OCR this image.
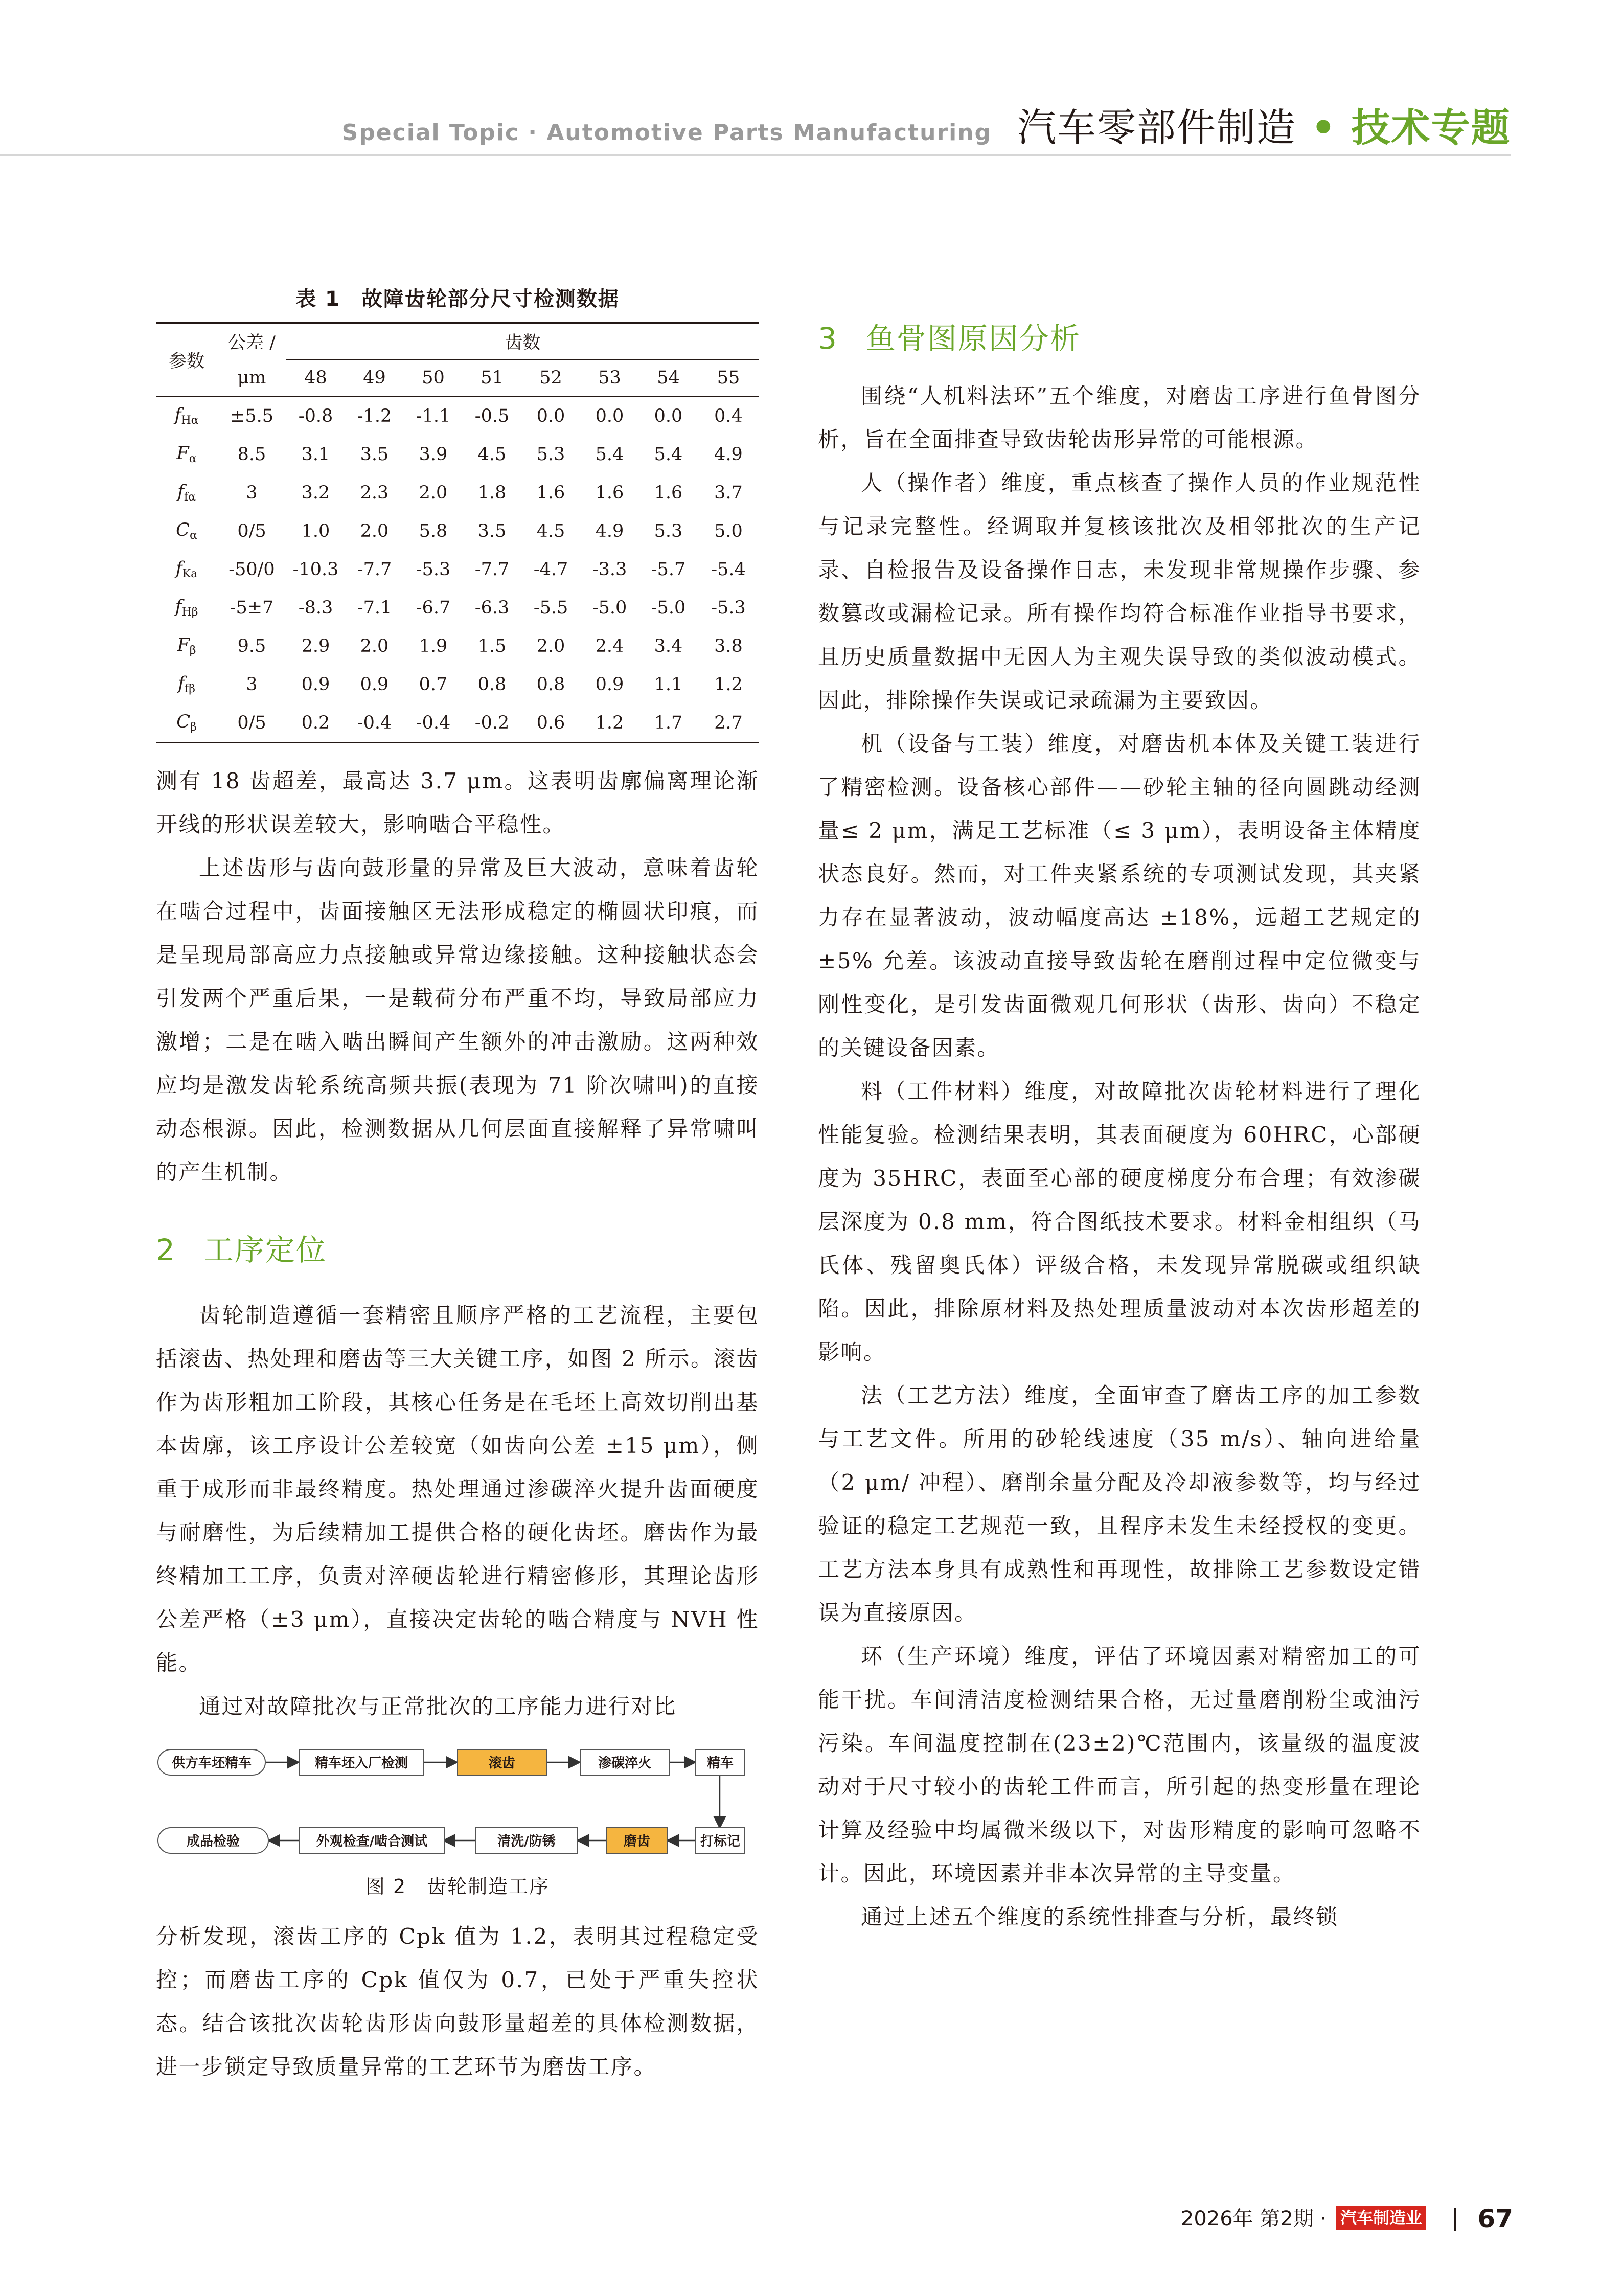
Special Topic · Automotive Parts Manufacturing 汽车零部件制造 • 技术专题
表 1　故障齿轮部分尺寸检测数据
参数	公差 /	齿数							
	μm	48	49	50	51	52	53	54	55
$f_{H\alpha}$	±5.5	-0.8	-1.2	-1.1	-0.5	0.0	0.0	0.0	0.4
$F_\alpha$	8.5	3.1	3.5	3.9	4.5	5.3	5.4	5.4	4.9
$f_{f\alpha}$	3	3.2	2.3	2.0	1.8	1.6	1.6	1.6	3.7
$C_\alpha$	0/5	1.0	2.0	5.8	3.5	4.5	4.9	5.3	5.0
$f_{Ka}$	-50/0	-10.3	-7.7	-5.3	-7.7	-4.7	-3.3	-5.7	-5.4
$f_{H\beta}$	-5±7	-8.3	-7.1	-6.7	-6.3	-5.5	-5.0	-5.0	-5.3
$F_\beta$	9.5	2.9	2.0	1.9	1.5	2.0	2.4	3.4	3.8
$f_{f\beta}$	3	0.9	0.9	0.7	0.8	0.8	0.9	1.1	1.2
$C_\beta$	0/5	0.2	-0.4	-0.4	-0.2	0.6	1.2	1.7	2.7

测有 18 齿超差，最高达 3.7 μm。这表明齿廓偏离理论渐开线的形状误差较大，影响啮合平稳性。

上述齿形与齿向鼓形量的异常及巨大波动，意味着齿轮在啮合过程中，齿面接触区无法形成稳定的椭圆状印痕，而是呈现局部高应力点接触或异常边缘接触。这种接触状态会引发两个严重后果，一是载荷分布严重不均，导致局部应力激增；二是在啮入啮出瞬间产生额外的冲击激励。这两种效应均是激发齿轮系统高频共振(表现为 71 阶次啸叫)的直接动态根源。因此，检测数据从几何层面直接解释了异常啸叫的产生机制。

2 工序定位

齿轮制造遵循一套精密且顺序严格的工艺流程，主要包括滚齿、热处理和磨齿等三大关键工序，如图 2 所示。滚齿作为齿形粗加工阶段，其核心任务是在毛坯上高效切削出基本齿廓，该工序设计公差较宽（如齿向公差 ±15 μm），侧重于成形而非最终精度。热处理通过渗碳淬火提升齿面硬度与耐磨性，为后续精加工提供合格的硬化齿坯。磨齿作为最终精加工工序，负责对淬硬齿轮进行精密修形，其理论齿形公差严格（±3 μm），直接决定齿轮的啮合精度与 NVH 性能。

通过对故障批次与正常批次的工序能力进行对比

供方车坯精车	精车坯入厂检测	滚齿	渗碳淬火	精车
打标记
磨齿
清洗/防锈
外观检查/啮合测试
成品检验
图 2　齿轮制造工序

分析发现，滚齿工序的 Cpk 值为 1.2，表明其过程稳定受控；而磨齿工序的 Cpk 值仅为 0.7，已处于严重失控状态。结合该批次齿轮齿形齿向鼓形量超差的具体检测数据，进一步锁定导致质量异常的工艺环节为磨齿工序。

3 鱼骨图原因分析

围绕“人机料法环”五个维度，对磨齿工序进行鱼骨图分析，旨在全面排查导致齿轮齿形异常的可能根源。

人（操作者）维度，重点核查了操作人员的作业规范性与记录完整性。经调取并复核该批次及相邻批次的生产记录、自检报告及设备操作日志，未发现非常规操作步骤、参数篡改或漏检记录。所有操作均符合标准作业指导书要求，且历史质量数据中无因人为主观失误导致的类似波动模式。因此，排除操作失误或记录疏漏为主要致因。

机（设备与工装）维度，对磨齿机本体及关键工装进行了精密检测。设备核心部件——砂轮主轴的径向圆跳动经测量≤ 2 μm，满足工艺标准（≤ 3 μm），表明设备主体精度状态良好。然而，对工件夹紧系统的专项测试发现，其夹紧力存在显著波动，波动幅度高达 ±18%，远超工艺规定的 ±5% 允差。该波动直接导致齿轮在磨削过程中定位微变与刚性变化，是引发齿面微观几何形状（齿形、齿向）不稳定的关键设备因素。

料（工件材料）维度，对故障批次齿轮材料进行了理化性能复验。检测结果表明，其表面硬度为 60HRC，心部硬度为 35HRC，表面至心部的硬度梯度分布合理；有效渗碳层深度为 0.8 mm，符合图纸技术要求。材料金相组织（马氏体、残留奥氏体）评级合格，未发现异常脱碳或组织缺陷。因此，排除原材料及热处理质量波动对本次齿形超差的影响。

法（工艺方法）维度，全面审查了磨齿工序的加工参数与工艺文件。所用的砂轮线速度（35 m/s）、轴向进给量（2 μm/ 冲程）、磨削余量分配及冷却液参数等，均与经过验证的稳定工艺规范一致，且程序未发生未经授权的变更。工艺方法本身具有成熟性和再现性，故排除工艺参数设定错误为直接原因。

环（生产环境）维度，评估了环境因素对精密加工的可能干扰。车间清洁度检测结果合格，无过量磨削粉尘或油污污染。车间温度控制在(23±2)℃范围内，该量级的温度波动对于尺寸较小的齿轮工件而言，所引起的热变形量在理论计算及经验中均属微米级以下，对齿形精度的影响可忽略不计。因此，环境因素并非本次异常的主导变量。

通过上述五个维度的系统性排查与分析，最终锁

2026年 第2期 · 汽车制造业 67
